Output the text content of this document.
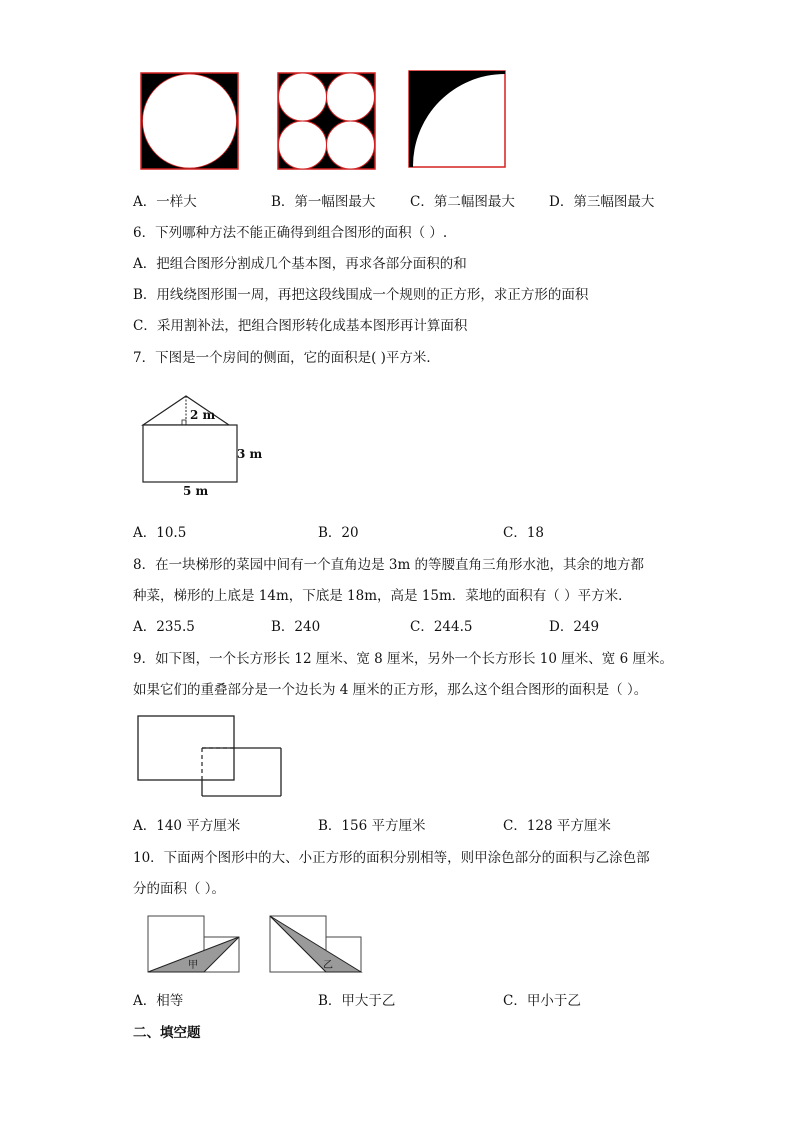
A．一样大	B．第一幅图最大	C．第二幅图最大	D．第三幅图最大
6．下列哪种方法不能正确得到组合图形的面积（ ）.
A．把组合图形分割成几个基本图，再求各部分面积的和
B．用线绕图形围一周，再把这段线围成一个规则的正方形，求正方形的面积
C．采用割补法，把组合图形转化成基本图形再计算面积
7．下图是一个房间的侧面，它的面积是( )平方米．
2 m
3 m
5 m
A．10.5	B．20	C．18
8．在一块梯形的菜园中间有一个直角边是 3m 的等腰直角三角形水池，其余的地方都
种菜，梯形的上底是 14m，下底是 18m，高是 15m．菜地的面积有（ ）平方米．
A．235.5	B．240	C．244.5	D．249
9．如下图，一个长方形长 12 厘米、宽 8 厘米，另外一个长方形长 10 厘米、宽 6 厘米。
如果它们的重叠部分是一个边长为 4 厘米的正方形，那么这个组合图形的面积是（ ）。
A．140 平方厘米	B．156 平方厘米	C．128 平方厘米
10．下面两个图形中的大、小正方形的面积分别相等，则甲涂色部分的面积与乙涂色部
分的面积（ ）。
甲	乙
A．相等	B．甲大于乙	C．甲小于乙
二、填空题
